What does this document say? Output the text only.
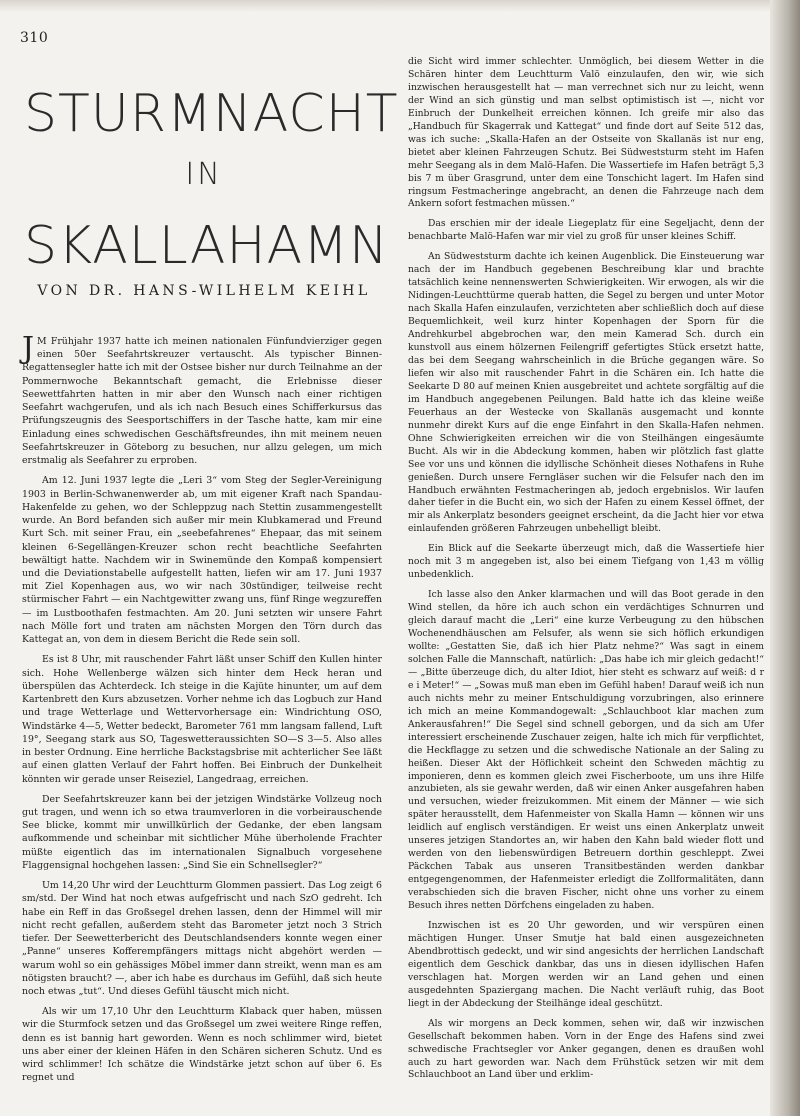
310
STURMNACHT
IN
SKALLAHAMN
VON DR. HANS-WILHELM KEIHL

J M Frühjahr 1937 hatte ich meinen nationalen Fünfundvierziger gegen einen 50er Seefahrtskreuzer vertauscht. Als typischer Binnen-Regattensegler hatte ich mit der Ostsee bisher nur durch Teilnahme an der Pommernwoche Bekanntschaft gemacht, die Erlebnisse dieser Seewettfahrten hatten in mir aber den Wunsch nach einer richtigen Seefahrt wachgerufen, und als ich nach Besuch eines Schifferkursus das Prüfungszeugnis des Seesportschiffers in der Tasche hatte, kam mir eine Einladung eines schwedischen Geschäftsfreundes, ihn mit meinem neuen Seefahrtskreuzer in Göteborg zu besuchen, nur allzu gelegen, um mich erstmalig als Seefahrer zu erproben.

Am 12. Juni 1937 legte die „Leri 3“ vom Steg der Segler-Vereinigung 1903 in Berlin-Schwanenwerder ab, um mit eigener Kraft nach Spandau-Hakenfelde zu gehen, wo der Schleppzug nach Stettin zusammengestellt wurde. An Bord befanden sich außer mir mein Klubkamerad und Freund Kurt Sch. mit seiner Frau, ein „seebefahrenes“ Ehepaar, das mit seinem kleinen 6-Segellängen-Kreuzer schon recht beachtliche Seefahrten bewältigt hatte. Nachdem wir in Swinemünde den Kompaß kompensiert und die Deviationstabelle aufgestellt hatten, liefen wir am 17. Juni 1937 mit Ziel Kopenhagen aus, wo wir nach 30stündiger, teilweise recht stürmischer Fahrt — ein Nachtgewitter zwang uns, fünf Ringe wegzureffen — im Lustboothafen festmachten. Am 20. Juni setzten wir unsere Fahrt nach Mölle fort und traten am nächsten Morgen den Törn durch das Kattegat an, von dem in diesem Bericht die Rede sein soll.

Es ist 8 Uhr, mit rauschender Fahrt läßt unser Schiff den Kullen hinter sich. Hohe Wellenberge wälzen sich hinter dem Heck heran und überspülen das Achterdeck. Ich steige in die Kajüte hinunter, um auf dem Kartenbrett den Kurs abzusetzen. Vorher nehme ich das Logbuch zur Hand und trage Wetterlage und Wettervorhersage ein: Windrichtung OSO, Windstärke 4—5, Wetter bedeckt, Barometer 761 mm langsam fallend, Luft 19°, Seegang stark aus SO, Tageswetteraussichten SO—S 3—5. Also alles in bester Ordnung. Eine herrliche Backstagsbrise mit achterlicher See läßt auf einen glatten Verlauf der Fahrt hoffen. Bei Einbruch der Dunkelheit könnten wir gerade unser Reiseziel, Langedraag, erreichen.

Der Seefahrtskreuzer kann bei der jetzigen Windstärke Vollzeug noch gut tragen, und wenn ich so etwa traumverloren in die vorbeirauschende See blicke, kommt mir unwillkürlich der Gedanke, der eben langsam aufkommende und scheinbar mit sichtlicher Mühe überholende Frachter müßte eigentlich das im internationalen Signalbuch vorgesehene Flaggensignal hochgehen lassen: „Sind Sie ein Schnellsegler?“

Um 14,20 Uhr wird der Leuchtturm Glommen passiert. Das Log zeigt 6 sm/std. Der Wind hat noch etwas aufgefrischt und nach SzO gedreht. Ich habe ein Reff in das Großsegel drehen lassen, denn der Himmel will mir nicht recht gefallen, außerdem steht das Barometer jetzt noch 3 Strich tiefer. Der Seewetterbericht des Deutschlandsenders konnte wegen einer „Panne“ unseres Kofferempfängers mittags nicht abgehört werden — warum wohl so ein gehässiges Möbel immer dann streikt, wenn man es am nötigsten braucht? —, aber ich habe es durchaus im Gefühl, daß sich heute noch etwas „tut“. Und dieses Gefühl täuscht mich nicht.

Als wir um 17,10 Uhr den Leuchtturm Klaback quer haben, müssen wir die Sturmfock setzen und das Großsegel um zwei weitere Ringe reffen, denn es ist bannig hart geworden. Wenn es noch schlimmer wird, bietet uns aber einer der kleinen Häfen in den Schären sicheren Schutz. Und es wird schlimmer! Ich schätze die Windstärke jetzt schon auf über 6. Es regnet und

die Sicht wird immer schlechter. Unmöglich, bei diesem Wetter in die Schären hinter dem Leuchtturm Valö einzulaufen, den wir, wie sich inzwischen herausgestellt hat — man verrechnet sich nur zu leicht, wenn der Wind an sich günstig und man selbst optimistisch ist —, nicht vor Einbruch der Dunkelheit erreichen können. Ich greife mir also das „Handbuch für Skagerrak und Kattegat“ und finde dort auf Seite 512 das, was ich suche: „Skalla-Hafen an der Ostseite von Skallanäs ist nur eng, bietet aber kleinen Fahrzeugen Schutz. Bei Südweststurm steht im Hafen mehr Seegang als in dem Malö-Hafen. Die Wassertiefe im Hafen beträgt 5,3 bis 7 m über Grasgrund, unter dem eine Tonschicht lagert. Im Hafen sind ringsum Festmacheringe angebracht, an denen die Fahrzeuge nach dem Ankern sofort festmachen müssen.“

Das erschien mir der ideale Liegeplatz für eine Segeljacht, denn der benachbarte Malö-Hafen war mir viel zu groß für unser kleines Schiff.

An Südweststurm dachte ich keinen Augenblick. Die Einsteuerung war nach der im Handbuch gegebenen Beschreibung klar und brachte tatsächlich keine nennenswerten Schwierigkeiten. Wir erwogen, als wir die Nidingen-Leuchttürme querab hatten, die Segel zu bergen und unter Motor nach Skalla Hafen einzulaufen, verzichteten aber schließlich doch auf diese Bequemlichkeit, weil kurz hinter Kopenhagen der Sporn für die Andrehkurbel abgebrochen war, den mein Kamerad Sch. durch ein kunstvoll aus einem hölzernen Feilengriff gefertigtes Stück ersetzt hatte, das bei dem Seegang wahrscheinlich in die Brüche gegangen wäre. So liefen wir also mit rauschender Fahrt in die Schären ein. Ich hatte die Seekarte D 80 auf meinen Knien ausgebreitet und achtete sorgfältig auf die im Handbuch angegebenen Peilungen. Bald hatte ich das kleine weiße Feuerhaus an der Westecke von Skallanäs ausgemacht und konnte nunmehr direkt Kurs auf die enge Einfahrt in den Skalla-Hafen nehmen. Ohne Schwierigkeiten erreichen wir die von Steilhängen eingesäumte Bucht. Als wir in die Abdeckung kommen, haben wir plötzlich fast glatte See vor uns und können die idyllische Schönheit dieses Nothafens in Ruhe genießen. Durch unsere Ferngläser suchen wir die Felsufer nach den im Handbuch erwähnten Festmacheringen ab, jedoch ergebnislos. Wir laufen daher tiefer in die Bucht ein, wo sich der Hafen zu einem Kessel öffnet, der mir als Ankerplatz besonders geeignet erscheint, da die Jacht hier vor etwa einlaufenden größeren Fahrzeugen unbehelligt bleibt.

Ein Blick auf die Seekarte überzeugt mich, daß die Wassertiefe hier noch mit 3 m angegeben ist, also bei einem Tiefgang von 1,43 m völlig unbedenklich.

Ich lasse also den Anker klarmachen und will das Boot gerade in den Wind stellen, da höre ich auch schon ein verdächtiges Schnurren und gleich darauf macht die „Leri“ eine kurze Verbeugung zu den hübschen Wochenendhäuschen am Felsufer, als wenn sie sich höflich erkundigen wollte: „Gestatten Sie, daß ich hier Platz nehme?“ Was sagt in einem solchen Falle die Mannschaft, natürlich: „Das habe ich mir gleich gedacht!“ — „Bitte überzeuge dich, du alter Idiot, hier steht es schwarz auf weiß: d r e i Meter!“ — „Sowas muß man eben im Gefühl haben! Darauf weiß ich nun auch nichts mehr zu meiner Entschuldigung vorzubringen, also erinnere ich mich an meine Kommandogewalt: „Schlauchboot klar machen zum Ankerausfahren!“ Die Segel sind schnell geborgen, und da sich am Ufer interessiert erscheinende Zuschauer zeigen, halte ich mich für verpflichtet, die Heckflagge zu setzen und die schwedische Nationale an der Saling zu heißen. Dieser Akt der Höflichkeit scheint den Schweden mächtig zu imponieren, denn es kommen gleich zwei Fischerboote, um uns ihre Hilfe anzubieten, als sie gewahr werden, daß wir einen Anker ausgefahren haben und versuchen, wieder freizukommen. Mit einem der Männer — wie sich später herausstellt, dem Hafenmeister von Skalla Hamn — können wir uns leidlich auf englisch verständigen. Er weist uns einen Ankerplatz unweit unseres jetzigen Standortes an, wir haben den Kahn bald wieder flott und werden von den liebenswürdigen Betreuern dorthin geschleppt. Zwei Päckchen Tabak aus unseren Transitbeständen werden dankbar entgegengenommen, der Hafenmeister erledigt die Zollformalitäten, dann verabschieden sich die braven Fischer, nicht ohne uns vorher zu einem Besuch ihres netten Dörfchens eingeladen zu haben.

Inzwischen ist es 20 Uhr geworden, und wir verspüren einen mächtigen Hunger. Unser Smutje hat bald einen ausgezeichneten Abendbrottisch gedeckt, und wir sind angesichts der herrlichen Landschaft eigentlich dem Geschick dankbar, das uns in diesen idyllischen Hafen verschlagen hat. Morgen werden wir an Land gehen und einen ausgedehnten Spaziergang machen. Die Nacht verläuft ruhig, das Boot liegt in der Abdeckung der Steilhänge ideal geschützt.

Als wir morgens an Deck kommen, sehen wir, daß wir inzwischen Gesellschaft bekommen haben. Vorn in der Enge des Hafens sind zwei schwedische Frachtsegler vor Anker gegangen, denen es draußen wohl auch zu hart geworden war. Nach dem Frühstück setzen wir mit dem Schlauchboot an Land über und erklim-
